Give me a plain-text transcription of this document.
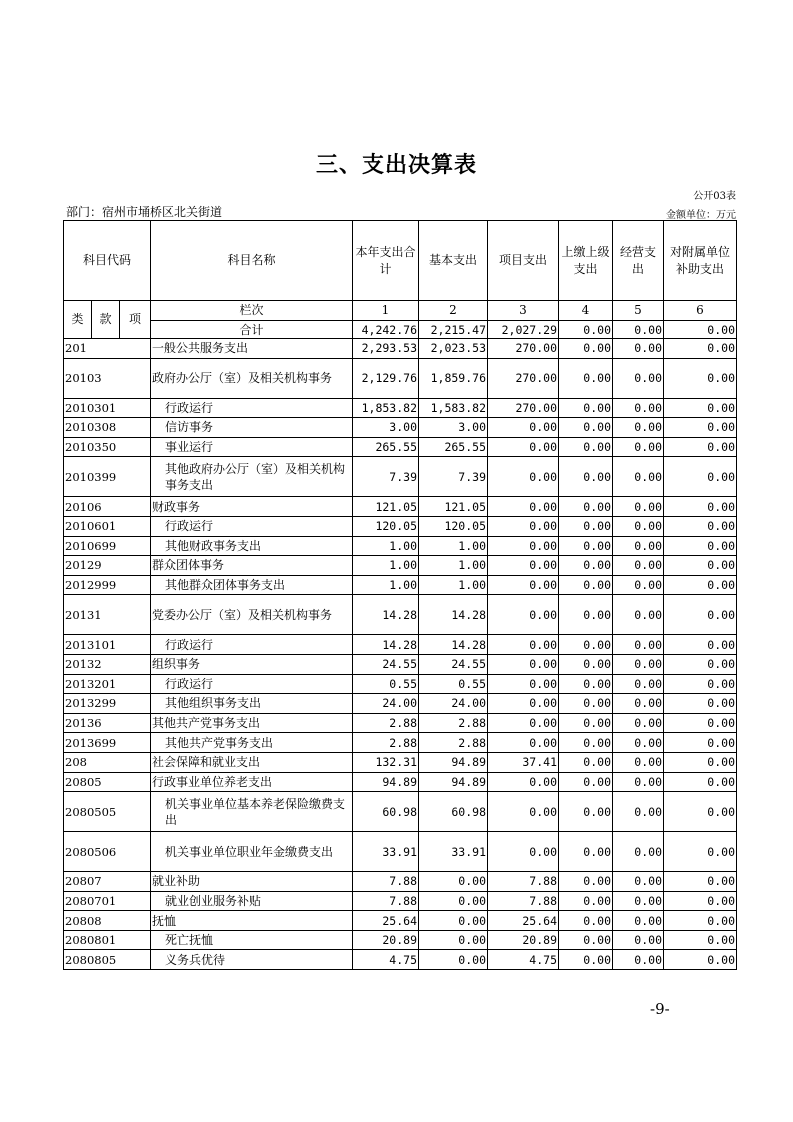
三、支出决算表
公开03表
部门：宿州市埇桥区北关街道	金额单位：万元
科目代码			科目名称	本年支出合计	基本支出	项目支出	上缴上级支出	经营支出	对附属单位补助支出
类	款	项	栏次	1	2	3	4	5	6
			合计	4,242.76	2,215.47	2,027.29	0.00	0.00	0.00
201			一般公共服务支出	2,293.53	2,023.53	270.00	0.00	0.00	0.00
20103			政府办公厅（室）及相关机构事务	2,129.76	1,859.76	270.00	0.00	0.00	0.00
2010301			行政运行	1,853.82	1,583.82	270.00	0.00	0.00	0.00
2010308			信访事务	3.00	3.00	0.00	0.00	0.00	0.00
2010350			事业运行	265.55	265.55	0.00	0.00	0.00	0.00
2010399			其他政府办公厅（室）及相关机构事务支出	7.39	7.39	0.00	0.00	0.00	0.00
20106			财政事务	121.05	121.05	0.00	0.00	0.00	0.00
2010601			行政运行	120.05	120.05	0.00	0.00	0.00	0.00
2010699			其他财政事务支出	1.00	1.00	0.00	0.00	0.00	0.00
20129			群众团体事务	1.00	1.00	0.00	0.00	0.00	0.00
2012999			其他群众团体事务支出	1.00	1.00	0.00	0.00	0.00	0.00
20131			党委办公厅（室）及相关机构事务	14.28	14.28	0.00	0.00	0.00	0.00
2013101			行政运行	14.28	14.28	0.00	0.00	0.00	0.00
20132			组织事务	24.55	24.55	0.00	0.00	0.00	0.00
2013201			行政运行	0.55	0.55	0.00	0.00	0.00	0.00
2013299			其他组织事务支出	24.00	24.00	0.00	0.00	0.00	0.00
20136			其他共产党事务支出	2.88	2.88	0.00	0.00	0.00	0.00
2013699			其他共产党事务支出	2.88	2.88	0.00	0.00	0.00	0.00
208			社会保障和就业支出	132.31	94.89	37.41	0.00	0.00	0.00
20805			行政事业单位养老支出	94.89	94.89	0.00	0.00	0.00	0.00
2080505			机关事业单位基本养老保险缴费支出	60.98	60.98	0.00	0.00	0.00	0.00
2080506			机关事业单位职业年金缴费支出	33.91	33.91	0.00	0.00	0.00	0.00
20807			就业补助	7.88	0.00	7.88	0.00	0.00	0.00
2080701			就业创业服务补贴	7.88	0.00	7.88	0.00	0.00	0.00
20808			抚恤	25.64	0.00	25.64	0.00	0.00	0.00
2080801			死亡抚恤	20.89	0.00	20.89	0.00	0.00	0.00
2080805			义务兵优待	4.75	0.00	4.75	0.00	0.00	0.00
-9-
